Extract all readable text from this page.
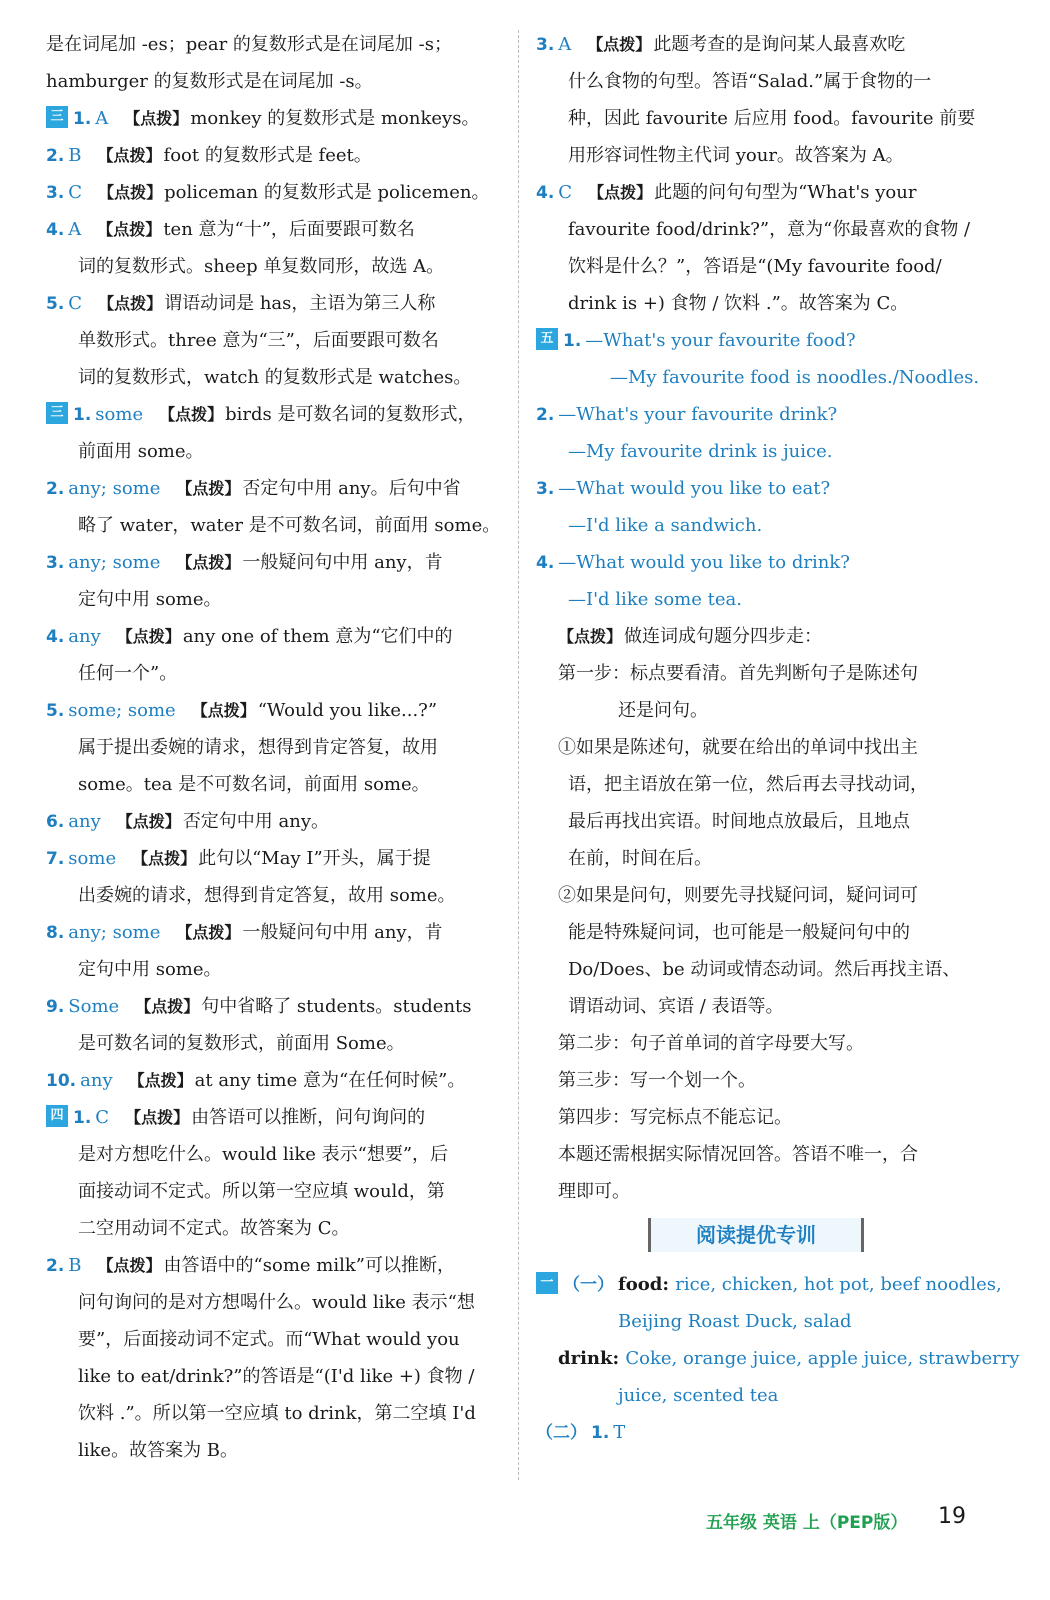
是在词尾加 -es；pear 的复数形式是在词尾加 -s；
hamburger 的复数形式是在词尾加 -s。
三 1. A 【点拨】 monkey 的复数形式是 monkeys。
2. B 【点拨】 foot 的复数形式是 feet。
3. C 【点拨】 policeman 的复数形式是 policemen。
4. A 【点拨】 ten 意为“十”，后面要跟可数名
词的复数形式。sheep 单复数同形，故选 A。
5. C 【点拨】 谓语动词是 has，主语为第三人称
单数形式。three 意为“三”，后面要跟可数名
词的复数形式，watch 的复数形式是 watches。
三 1. some 【点拨】 birds 是可数名词的复数形式，
前面用 some。
2. any; some 【点拨】 否定句中用 any。后句中省
略了 water，water 是不可数名词，前面用 some。
3. any; some 【点拨】 一般疑问句中用 any，肯
定句中用 some。
4. any 【点拨】 any one of them 意为“它们中的
任何一个”。
5. some; some 【点拨】 “Would you like...?”
属于提出委婉的请求，想得到肯定答复，故用
some。tea 是不可数名词，前面用 some。
6. any 【点拨】 否定句中用 any。
7. some 【点拨】 此句以“May I”开头，属于提
出委婉的请求，想得到肯定答复，故用 some。
8. any; some 【点拨】 一般疑问句中用 any，肯
定句中用 some。
9. Some 【点拨】 句中省略了 students。students
是可数名词的复数形式，前面用 Some。
10. any 【点拨】 at any time 意为“在任何时候”。
四 1. C 【点拨】 由答语可以推断，问句询问的
是对方想吃什么。would like 表示“想要”，后
面接动词不定式。所以第一空应填 would，第
二空用动词不定式。故答案为 C。
2. B 【点拨】 由答语中的“some milk”可以推断，
问句询问的是对方想喝什么。would like 表示“想
要”，后面接动词不定式。而“What would you
like to eat/drink?”的答语是“(I'd like +) 食物 /
饮料 .”。所以第一空应填 to drink，第二空填 I'd
like。故答案为 B。
3. A 【点拨】 此题考查的是询问某人最喜欢吃
什么食物的句型。答语“Salad.”属于食物的一
种，因此 favourite 后应用 food。favourite 前要
用形容词性物主代词 your。故答案为 A。
4. C 【点拨】 此题的问句句型为“What's your
favourite food/drink?”，意为“你最喜欢的食物 /
饮料是什么？”，答语是“(My favourite food/
drink is +) 食物 / 饮料 .”。故答案为 C。
五 1. —What's your favourite food?
—My favourite food is noodles./Noodles.
2. —What's your favourite drink?
—My favourite drink is juice.
3. —What would you like to eat?
—I'd like a sandwich.
4. —What would you like to drink?
—I'd like some tea.
【点拨】 做连词成句题分四步走：
第一步：标点要看清。首先判断句子是陈述句
还是问句。
①如果是陈述句，就要在给出的单词中找出主
语，把主语放在第一位，然后再去寻找动词，
最后再找出宾语。时间地点放最后，且地点
在前，时间在后。
②如果是问句，则要先寻找疑问词，疑问词可
能是特殊疑问词，也可能是一般疑问句中的
Do/Does、be 动词或情态动词。然后再找主语、
谓语动词、宾语 / 表语等。
第二步：句子首单词的首字母要大写。
第三步：写一个划一个。
第四步：写完标点不能忘记。
本题还需根据实际情况回答。答语不唯一，合
理即可。
阅读提优专训
一 （一） food: rice, chicken, hot pot, beef noodles,
Beijing Roast Duck, salad
drink: Coke, orange juice, apple juice, strawberry
juice, scented tea
（二） 1. T
五年级 英语 上（PEP版） 19
